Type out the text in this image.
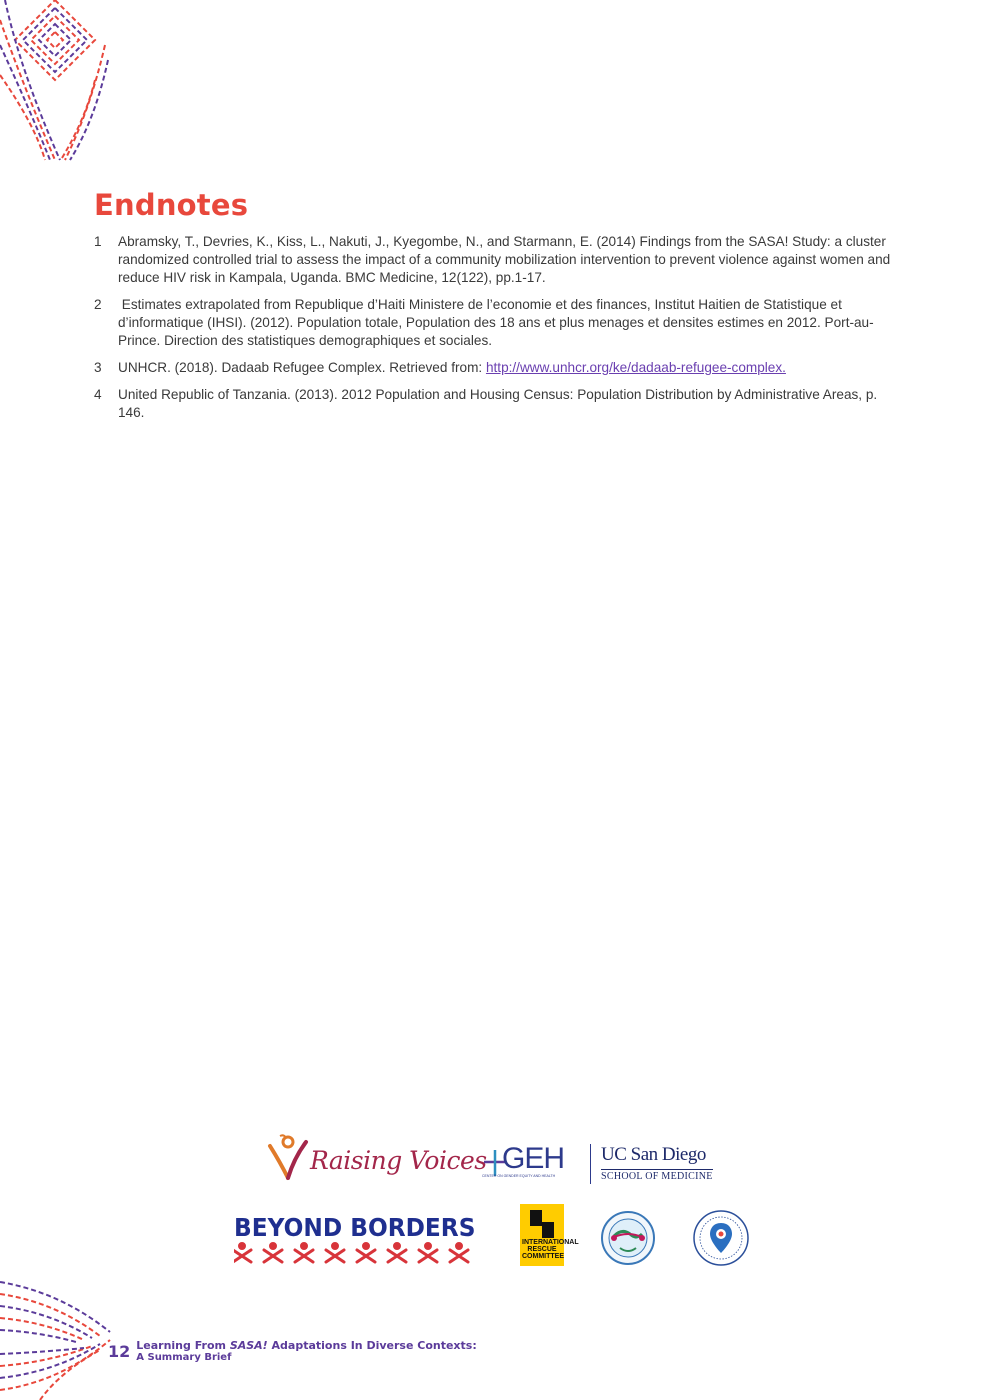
Endnotes
1	Abramsky, T., Devries, K., Kiss, L., Nakuti, J., Kyegombe, N., and Starmann, E. (2014) Findings from the SASA! Study: a cluster randomized controlled trial to assess the impact of a community mobilization intervention to prevent violence against women and reduce HIV risk in Kampala, Uganda. BMC Medicine, 12(122), pp.1-17.
2	Estimates extrapolated from Republique d’Haiti Ministere de l’economie et des finances, Institut Haitien de Statistique et d’informatique (IHSI). (2012). Population totale, Population des 18 ans et plus menages et densites estimes en 2012. Port-au-Prince. Direction des statistiques demographiques et sociales.
3	UNHCR. (2018). Dadaab Refugee Complex. Retrieved from: http://www.unhcr.org/ke/dadaab-refugee-complex.
4	United Republic of Tanzania. (2013). 2012 Population and Housing Census: Population Distribution by Administrative Areas, p. 146.
Raising Voices GEH
CENTER ON GENDER EQUITY AND HEALTH
UC San Diego
SCHOOL OF MEDICINE
BEYOND BORDERS
INTERNATIONAL RESCUE COMMITTEE
12 Learning From SASA! Adaptations In Diverse Contexts:
A Summary Brief
